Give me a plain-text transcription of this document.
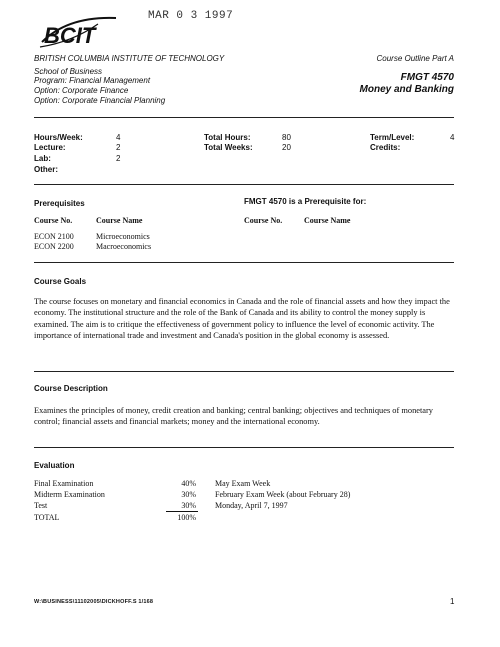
MAR 0 3 1997
BCIT
BRITISH COLUMBIA INSTITUTE OF TECHNOLOGY
School of Business
Program: Financial Management
Option: Corporate Finance
Option: Corporate Financial Planning
Course Outline Part A
FMGT 4570
Money and Banking
Hours/Week:	4
Lecture:	2
Lab:	2
Other:
Total Hours:	80
Total Weeks:	20
Term/Level:	4
Credits:
Prerequisites	FMGT 4570 is a Prerequisite for:
Course No.	Course Name	Course No.	Course Name
ECON 2100	Microeconomics
ECON 2200	Macroeconomics
Course Goals
The course focuses on monetary and financial economics in Canada and the role of financial assets and how they impact the economy. The institutional structure and the role of the Bank of Canada and its ability to control the money supply is examined. The aim is to critique the effectiveness of government policy to influence the level of economic activity. The importance of international trade and investment and Canada's position in the global economy is assessed.
Course Description
Examines the principles of money, credit creation and banking; central banking; objectives and techniques of monetary control; financial assets and financial markets; money and the international economy.
Evaluation
Final Examination	40% May Exam Week
Midterm Examination	30% February Exam Week (about February 28)
Test	30% Monday, April 7, 1997
TOTAL	100%
W:\BUSINESS\11102005\DICKHOFF.S 1/168	1
